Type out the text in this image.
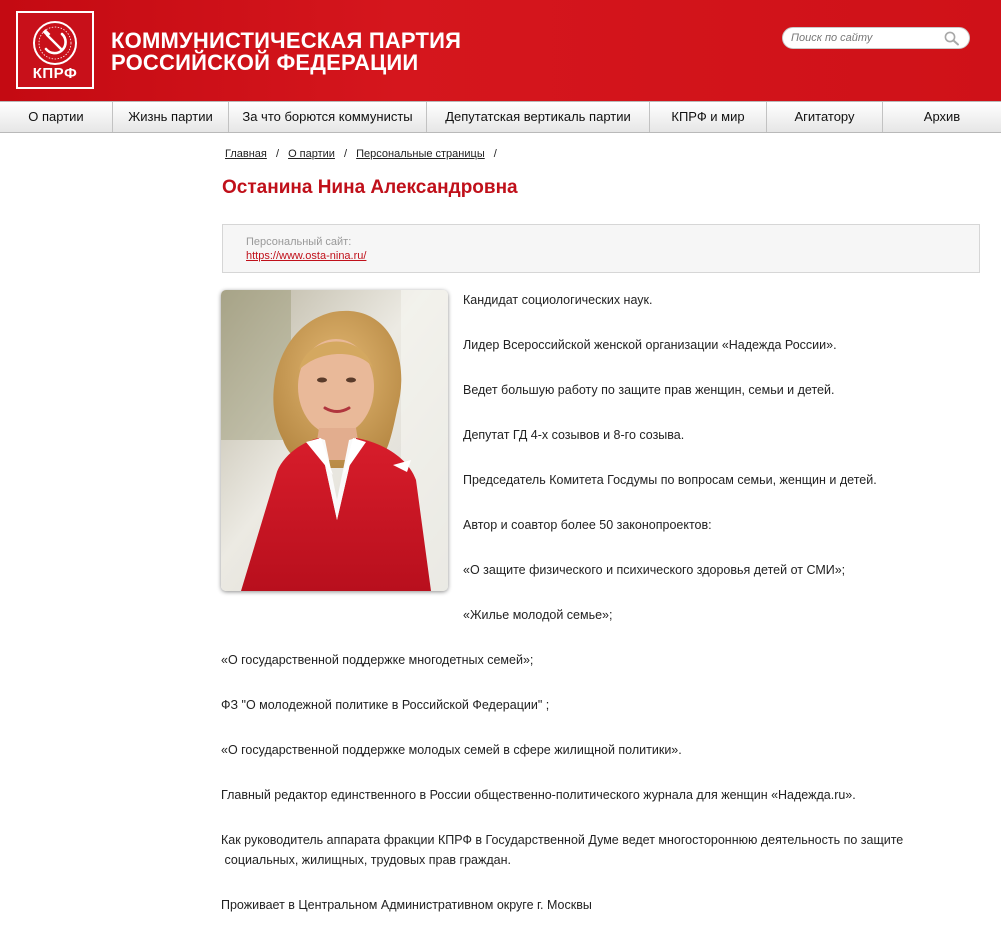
КПРФ
КОММУНИСТИЧЕСКАЯ ПАРТИЯ
РОССИЙСКОЙ ФЕДЕРАЦИИ
Поиск по сайту
О партии	Жизнь партии	За что борются коммунисты	Депутатская вертикаль партии	КПРФ и мир	Агитатору	Архив
Главная / О партии / Персональные страницы /
Останина Нина Александровна
Персональный сайт:
https://www.osta-nina.ru/

Кандидат социологических наук.

Лидер Всероссийской женской организации «Надежда России».

Ведет большую работу по защите прав женщин, семьи и детей.

Депутат ГД 4-х созывов и 8-го созыва.

Председатель Комитета Госдумы по вопросам семьи, женщин и детей.

Автор и соавтор более 50 законопроектов:

«О защите физического и психического здоровья детей от СМИ»;

«Жилье молодой семье»;

«О государственной поддержке многодетных семей»;

ФЗ "О молодежной политике в Российской Федерации" ;

«О государственной поддержке молодых семей в сфере жилищной политики».

Главный редактор единственного в России общественно-политического журнала для женщин «Надежда.ru».

Как руководитель аппарата фракции КПРФ в Государственной Думе ведет многостороннюю деятельность по защите

социальных, жилищных, трудовых прав граждан.

Проживает в Центральном Административном округе г. Москвы
